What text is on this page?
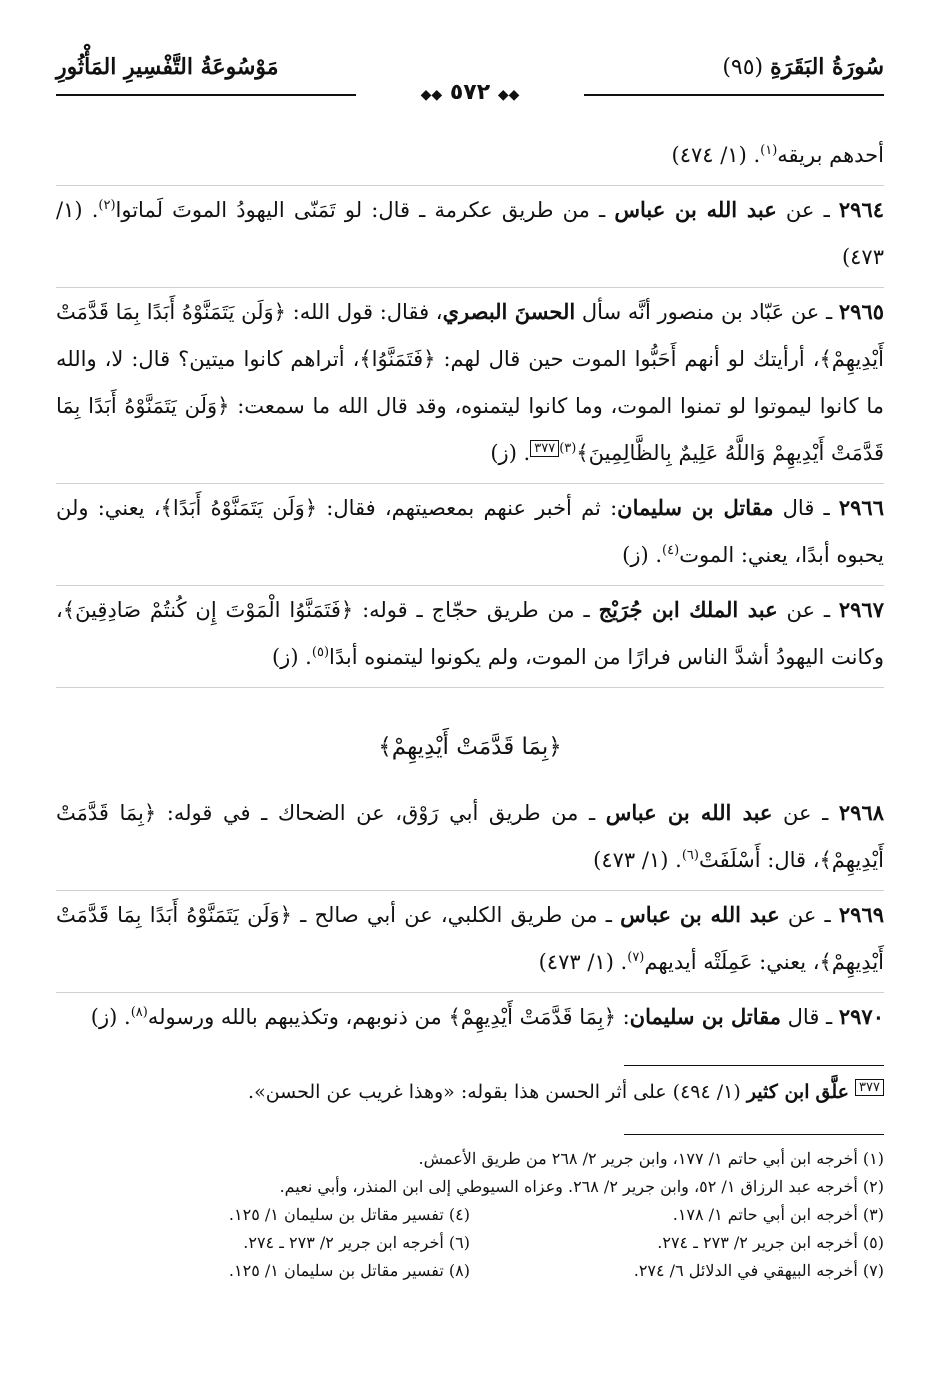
سُورَةُ البَقَرَةِ (٩٥)
مَوْسُوعَةُ التَّفْسِيرِ المَأْثُورِ
◆◆ ٥٧٢ ◆◆

أحدهم بريقه$^{(١)}$. (١/ ٤٧٤)

٢٩٦٤ ـ عن عبد الله بن عباس ـ من طريق عكرمة ـ قال: لو تَمَنّى اليهودُ الموتَ لَماتوا$^{(٢)}$. (١/ ٤٧٣)

٢٩٦٥ ـ عن عَبّاد بن منصور أنَّه سأل الحسنَ البصري، فقال: قول الله: ﴿وَلَن يَتَمَنَّوْهُ أَبَدًا بِمَا قَدَّمَتْ أَيْدِيهِمْ﴾، أرأيتك لو أنهم أَحَبُّوا الموت حين قال لهم: ﴿فَتَمَنَّوُا﴾، أتراهم كانوا ميتين؟ قال: لا، والله ما كانوا ليموتوا لو تمنوا الموت، وما كانوا ليتمنوه، وقد قال الله ما سمعت: ﴿وَلَن يَتَمَنَّوْهُ أَبَدًا بِمَا قَدَّمَتْ أَيْدِيهِمْ وَاللَّهُ عَلِيمٌ بِالظَّالِمِينَ﴾$^{(٣)٣٧٧}$. (ز)

٢٩٦٦ ـ قال مقاتل بن سليمان: ثم أخبر عنهم بمعصيتهم، فقال: ﴿وَلَن يَتَمَنَّوْهُ أَبَدًا﴾، يعني: ولن يحبوه أبدًا، يعني: الموت$^{(٤)}$. (ز)

٢٩٦٧ ـ عن عبد الملك ابن جُرَيْج ـ من طريق حجّاج ـ قوله: ﴿فَتَمَنَّوُا الْمَوْتَ إِن كُنتُمْ صَادِقِينَ﴾، وكانت اليهودُ أشدَّ الناس فرارًا من الموت، ولم يكونوا ليتمنوه أبدًا$^{(٥)}$. (ز)

﴿بِمَا قَدَّمَتْ أَيْدِيهِمْ﴾

٢٩٦٨ ـ عن عبد الله بن عباس ـ من طريق أبي رَوْق، عن الضحاك ـ في قوله: ﴿بِمَا قَدَّمَتْ أَيْدِيهِمْ﴾، قال: أَسْلَفَتْ$^{(٦)}$. (١/ ٤٧٣)

٢٩٦٩ ـ عن عبد الله بن عباس ـ من طريق الكلبي، عن أبي صالح ـ ﴿وَلَن يَتَمَنَّوْهُ أَبَدًا بِمَا قَدَّمَتْ أَيْدِيهِمْ﴾، يعني: عَمِلَتْه أيديهم$^{(٧)}$. (١/ ٤٧٣)

٢٩٧٠ ـ قال مقاتل بن سليمان: ﴿بِمَا قَدَّمَتْ أَيْدِيهِمْ﴾ من ذنوبهم، وتكذيبهم بالله ورسوله$^{(٨)}$. (ز)

$^{٣٧٧}$ علَّق ابن كثير (١/ ٤٩٤) على أثر الحسن هذا بقوله: «وهذا غريب عن الحسن».
(١) أخرجه ابن أبي حاتم ١/ ١٧٧، وابن جرير ٢/ ٢٦٨ من طريق الأعمش.
(٢) أخرجه عبد الرزاق ١/ ٥٢، وابن جرير ٢/ ٢٦٨. وعزاه السيوطي إلى ابن المنذر، وأبي نعيم.
(٣) أخرجه ابن أبي حاتم ١/ ١٧٨.
(٤) تفسير مقاتل بن سليمان ١/ ١٢٥.
(٥) أخرجه ابن جرير ٢/ ٢٧٣ ـ ٢٧٤.
(٦) أخرجه ابن جرير ٢/ ٢٧٣ ـ ٢٧٤.
(٧) أخرجه البيهقي في الدلائل ٦/ ٢٧٤.
(٨) تفسير مقاتل بن سليمان ١/ ١٢٥.
